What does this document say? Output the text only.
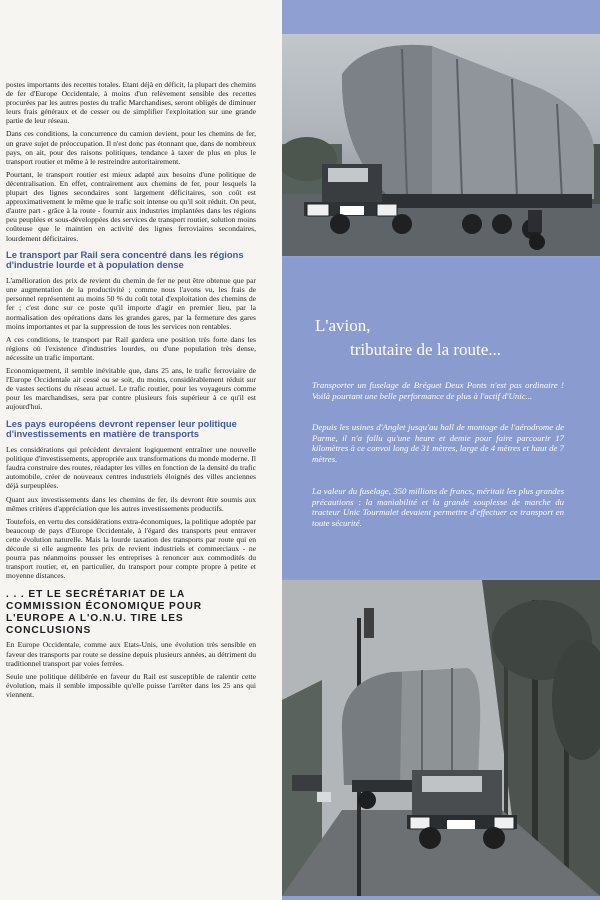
postes importants des recettes totales. Etant déjà en déficit, la plupart des chemins de fer d'Europe Occidentale, à moins d'un relèvement sensible des recettes procurées par les autres postes du trafic Marchandises, seront obligés de diminuer leurs frais généraux et de cesser ou de simplifier l'exploitation sur une grande partie de leur réseau.

Dans ces conditions, la concurrence du camion devient, pour les chemins de fer, un grave sujet de préoccupation. Il n'est donc pas étonnant que, dans de nombreux pays, on ait, pour des raisons politiques, tendance à taxer de plus en plus le transport routier et même à le restreindre autoritairement.

Pourtant, le transport routier est mieux adapté aux besoins d'une politique de décentralisation. En effet, contrairement aux chemins de fer, pour lesquels la plupart des lignes secondaires sont largement déficitaires, son coût est approximativement le même que le trafic soit intense ou qu'il soit réduit. On peut, d'autre part - grâce à la route - fournir aux industries implantées dans les régions peu peuplées et sous-développées des services de transport routier, solution moins coûteuse que le maintien en activité des lignes ferroviaires secondaires, lourdement déficitaires.

Le transport par Rail sera concentré dans les régions d'industrie lourde et à population dense

L'amélioration des prix de revient du chemin de fer ne peut être obtenue que par une augmentation de la productivité ; comme nous l'avons vu, les frais de personnel représentent au moins 50 % du coût total d'exploitation des chemins de fer ; c'est donc sur ce poste qu'il importe d'agir en premier lieu, par la normalisation des opérations dans les grandes gares, par la fermeture des gares moins importantes et par la suppression de tous les services non rentables.

A ces conditions, le transport par Rail gardera une position très forte dans les régions où l'existence d'industries lourdes, ou d'une population très dense, nécessite un trafic important.

Economiquement, il semble inévitable que, dans 25 ans, le trafic ferroviaire de l'Europe Occidentale ait cessé ou se soit, du moins, considérablement réduit sur de vastes sections du réseau actuel. Le trafic routier, pour les voyageurs comme pour les marchandises, sera par contre plusieurs fois supérieur à ce qu'il est aujourd'hui.

Les pays européens devront repenser leur politique d'investissements en matière de transports

Les considérations qui précèdent devraient logiquement entraîner une nouvelle politique d'investissements, appropriée aux transformations du monde moderne. Il faudra construire des routes, réadapter les villes en fonction de la densité du trafic automobile, créer de nouveaux centres industriels éloignés des villes anciennes déjà surpeuplées.

Quant aux investissements dans les chemins de fer, ils devront être soumis aux mêmes critères d'appréciation que les autres investissements productifs.

Toutefois, en vertu des considérations extra-économiques, la politique adoptée par beaucoup de pays d'Europe Occidentale, à l'égard des transports peut entraver cette évolution naturelle. Mais la lourde taxation des transports par route qui en découle si elle augmente les prix de revient industriels et commerciaux - ne pourra pas néanmoins pousser les entreprises à renoncer aux commodités du transport routier, et, en particulier, du transport pour compte propre à petite et moyenne distances.

. . . ET LE SECRÉTARIAT DE LA COMMISSION ÉCONOMIQUE POUR L'EUROPE A L'O.N.U. TIRE LES CONCLUSIONS

En Europe Occidentale, comme aux Etats-Unis, une évolution très sensible en faveur des transports par route se dessine depuis plusieurs années, au détriment du traditionnel transport par voies ferrées.

Seule une politique délibérée en faveur du Rail est susceptible de ralentir cette évolution, mais il semble impossible qu'elle puisse l'arrêter dans les 25 ans qui viennent.

L'avion,
tributaire de la route...

Transporter un fuselage de Bréguet Deux Ponts n'est pas ordinaire ! Voilà pourtant une belle performance de plus à l'actif d'Unic...

Depuis les usines d'Anglet jusqu'au hall de montage de l'aérodrome de Parme, il n'a fallu qu'une heure et demie pour faire parcourir 17 kilomètres à ce convoi long de 31 mètres, large de 4 mètres et haut de 7 mètres.

La valeur du fuselage, 350 millions de francs, méritait les plus grandes précautions : la maniabilité et la grande souplesse de marche du tracteur Unic Tourmalet devaient permettre d'effectuer ce transport en toute sécurité.
